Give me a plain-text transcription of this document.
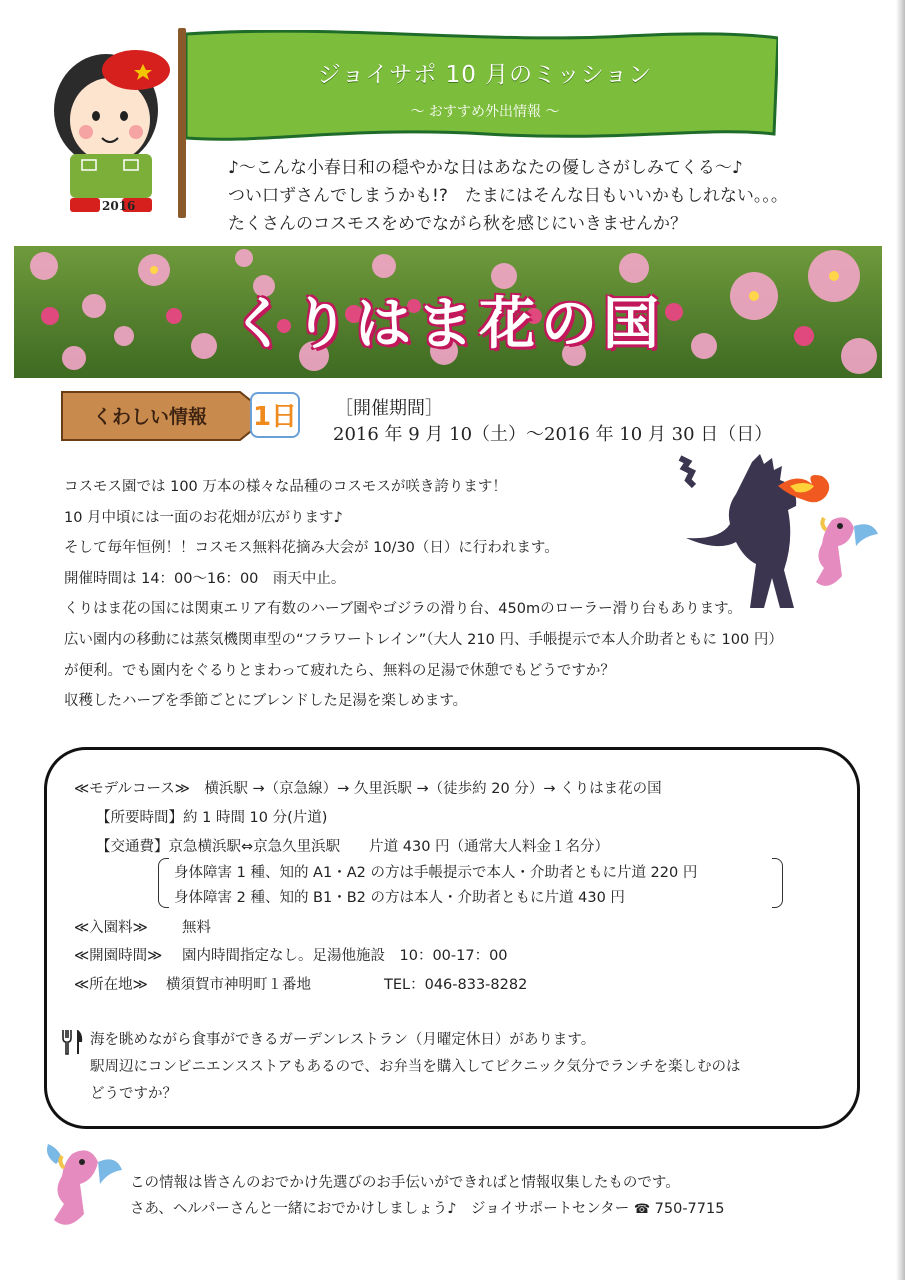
2016
ジョイサポ 10 月のミッション
〜 おすすめ外出情報 〜
♪〜こんな小春日和の穏やかな日はあなたの優しさがしみてくる〜♪
つい口ずさんでしまうかも!?　たまにはそんな日もいいかもしれない。。。
たくさんのコスモスをめでながら秋を感じにいきませんか？
くりはま花の国
くわしい情報	1日 ［開催期間］
2016 年 9 月 10（土）〜2016 年 10 月 30 日（日）
コスモス園では 100 万本の様々な品種のコスモスが咲き誇ります！
10 月中頃には一面のお花畑が広がります♪
そして毎年恒例！！コスモス無料花摘み大会が 10/30（日）に行われます。
開催時間は 14：00〜16：00　雨天中止。
くりはま花の国には関東エリア有数のハーブ園やゴジラの滑り台、450mのローラー滑り台もあります。
広い園内の移動には蒸気機関車型の“フラワートレイン”（大人 210 円、手帳提示で本人介助者ともに 100 円）
が便利。でも園内をぐるりとまわって疲れたら、無料の足湯で休憩でもどうですか？
収穫したハーブを季節ごとにブレンドした足湯を楽しめます。
≪モデルコース≫　横浜駅 →（京急線）→ 久里浜駅 →（徒歩約 20 分）→ くりはま花の国
【所要時間】約 1 時間 10 分(片道)
【交通費】京急横浜駅⇔京急久里浜駅　　片道 430 円（通常大人料金１名分）
身体障害 1 種、知的 A1・A2 の方は手帳提示で本人・介助者ともに片道 220 円
身体障害 2 種、知的 B1・B2 の方は本人・介助者ともに片道 430 円
≪入園料≫ 無料
≪開園時間≫ 園内時間指定なし。足湯他施設　10：00-17：00
≪所在地≫ 横須賀市神明町１番地	TEL：046-833-8282
海を眺めながら食事ができるガーデンレストラン（月曜定休日）があります。
駅周辺にコンビニエンスストアもあるので、お弁当を購入してピクニック気分でランチを楽しむのは
どうですか？
この情報は皆さんのおでかけ先選びのお手伝いができればと情報収集したものです。
さあ、ヘルパーさんと一緒におでかけしましょう♪　ジョイサポートセンター ☎ 750-7715
